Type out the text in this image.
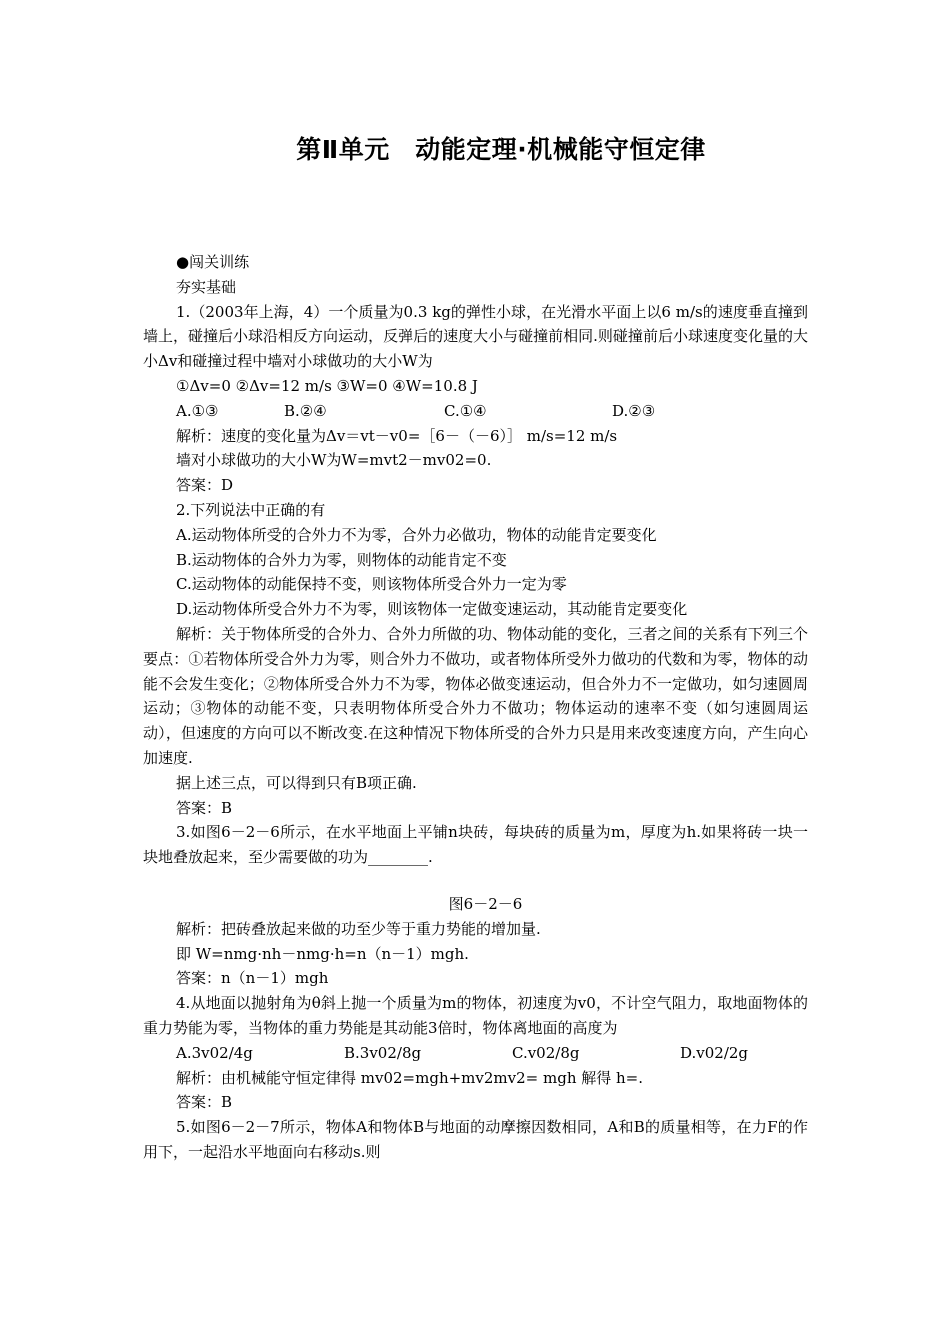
第Ⅱ单元　动能定理·机械能守恒定律
●闯关训练
夯实基础
1.（2003年上海，4）一个质量为0.3 kg的弹性小球，在光滑水平面上以6 m/s的速度垂直撞到墙上，碰撞后小球沿相反方向运动，反弹后的速度大小与碰撞前相同.则碰撞前后小球速度变化量的大小Δv和碰撞过程中墙对小球做功的大小W为
①Δv=0 ②Δv=12 m/s ③W=0 ④W=10.8 J
A.①③	B.②④	C.①④	D.②③
解析：速度的变化量为Δv＝vt－v0=［6－（－6）］ m/s=12 m/s
墙对小球做功的大小W为W=mvt2－mv02=0.
答案：D
2.下列说法中正确的有
A.运动物体所受的合外力不为零，合外力必做功，物体的动能肯定要变化
B.运动物体的合外力为零，则物体的动能肯定不变
C.运动物体的动能保持不变，则该物体所受合外力一定为零
D.运动物体所受合外力不为零，则该物体一定做变速运动，其动能肯定要变化
解析：关于物体所受的合外力、合外力所做的功、物体动能的变化，三者之间的关系有下列三个要点：①若物体所受合外力为零，则合外力不做功，或者物体所受外力做功的代数和为零，物体的动能不会发生变化；②物体所受合外力不为零，物体必做变速运动，但合外力不一定做功，如匀速圆周运动；③物体的动能不变，只表明物体所受合外力不做功；物体运动的速率不变（如匀速圆周运动），但速度的方向可以不断改变.在这种情况下物体所受的合外力只是用来改变速度方向，产生向心加速度.
据上述三点，可以得到只有B项正确.
答案：B
3.如图6－2－6所示，在水平地面上平铺n块砖，每块砖的质量为m，厚度为h.如果将砖一块一块地叠放起来，至少需要做的功为________.
图6－2－6
解析：把砖叠放起来做的功至少等于重力势能的增加量.
即 W=nmg·nh－nmg·h=n（n－1）mgh.
答案：n（n－1）mgh
4.从地面以抛射角为θ斜上抛一个质量为m的物体，初速度为v0，不计空气阻力，取地面物体的重力势能为零，当物体的重力势能是其动能3倍时，物体离地面的高度为
A.3v02/4g	B.3v02/8g	C.v02/8g	D.v02/2g
解析：由机械能守恒定律得 mv02=mgh+mv2mv2= mgh 解得 h=.
答案：B
5.如图6－2－7所示，物体A和物体B与地面的动摩擦因数相同，A和B的质量相等，在力F的作用下，一起沿水平地面向右移动s.则
